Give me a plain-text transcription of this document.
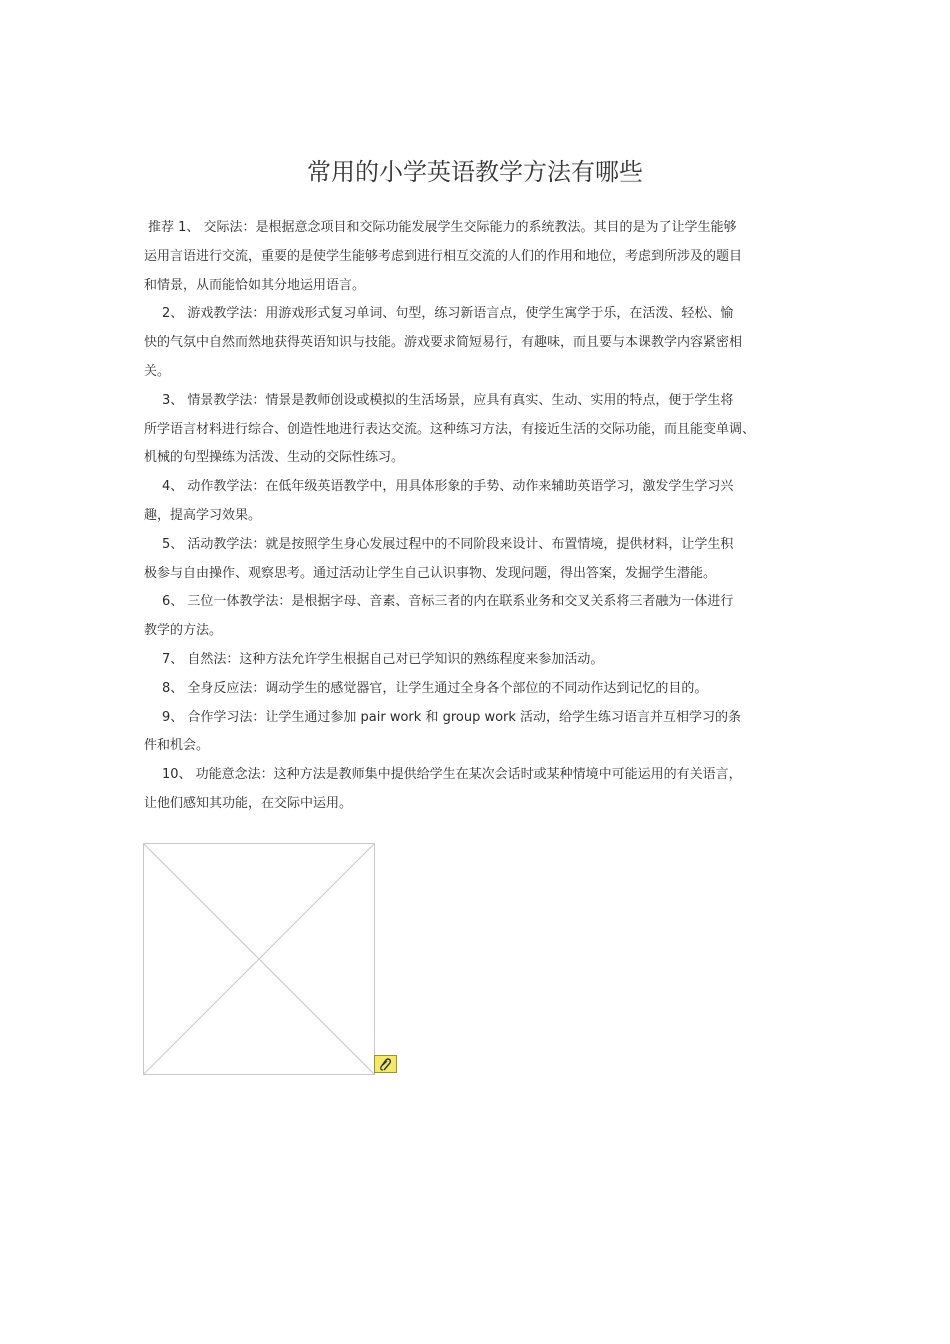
常用的小学英语教学方法有哪些
推荐 1、 交际法：是根据意念项目和交际功能发展学生交际能力的系统教法。其目的是为了让学生能够
运用言语进行交流，重要的是使学生能够考虑到进行相互交流的人们的作用和地位，考虑到所涉及的题目
和情景，从而能恰如其分地运用语言。
2、 游戏教学法：用游戏形式复习单词、句型，练习新语言点，使学生寓学于乐，在活泼、轻松、愉
快的气氛中自然而然地获得英语知识与技能。游戏要求简短易行，有趣味，而且要与本课教学内容紧密相
关。
3、 情景教学法：情景是教师创设或模拟的生活场景，应具有真实、生动、实用的特点，便于学生将
所学语言材料进行综合、创造性地进行表达交流。这种练习方法，有接近生活的交际功能，而且能变单调、
机械的句型操练为活泼、生动的交际性练习。
4、 动作教学法：在低年级英语教学中，用具体形象的手势、动作来辅助英语学习，激发学生学习兴
趣，提高学习效果。
5、 活动教学法：就是按照学生身心发展过程中的不同阶段来设计、布置情境，提供材料，让学生积
极参与自由操作、观察思考。通过活动让学生自己认识事物、发现问题，得出答案，发掘学生潜能。
6、 三位一体教学法：是根据字母、音素、音标三者的内在联系业务和交叉关系将三者融为一体进行
教学的方法。
7、 自然法：这种方法允许学生根据自己对已学知识的熟练程度来参加活动。
8、 全身反应法：调动学生的感觉器官，让学生通过全身各个部位的不同动作达到记忆的目的。
9、 合作学习法：让学生通过参加 pair work 和 group work 活动，给学生练习语言并互相学习的条
件和机会。
10、 功能意念法：这种方法是教师集中提供给学生在某次会话时或某种情境中可能运用的有关语言，
让他们感知其功能，在交际中运用。
